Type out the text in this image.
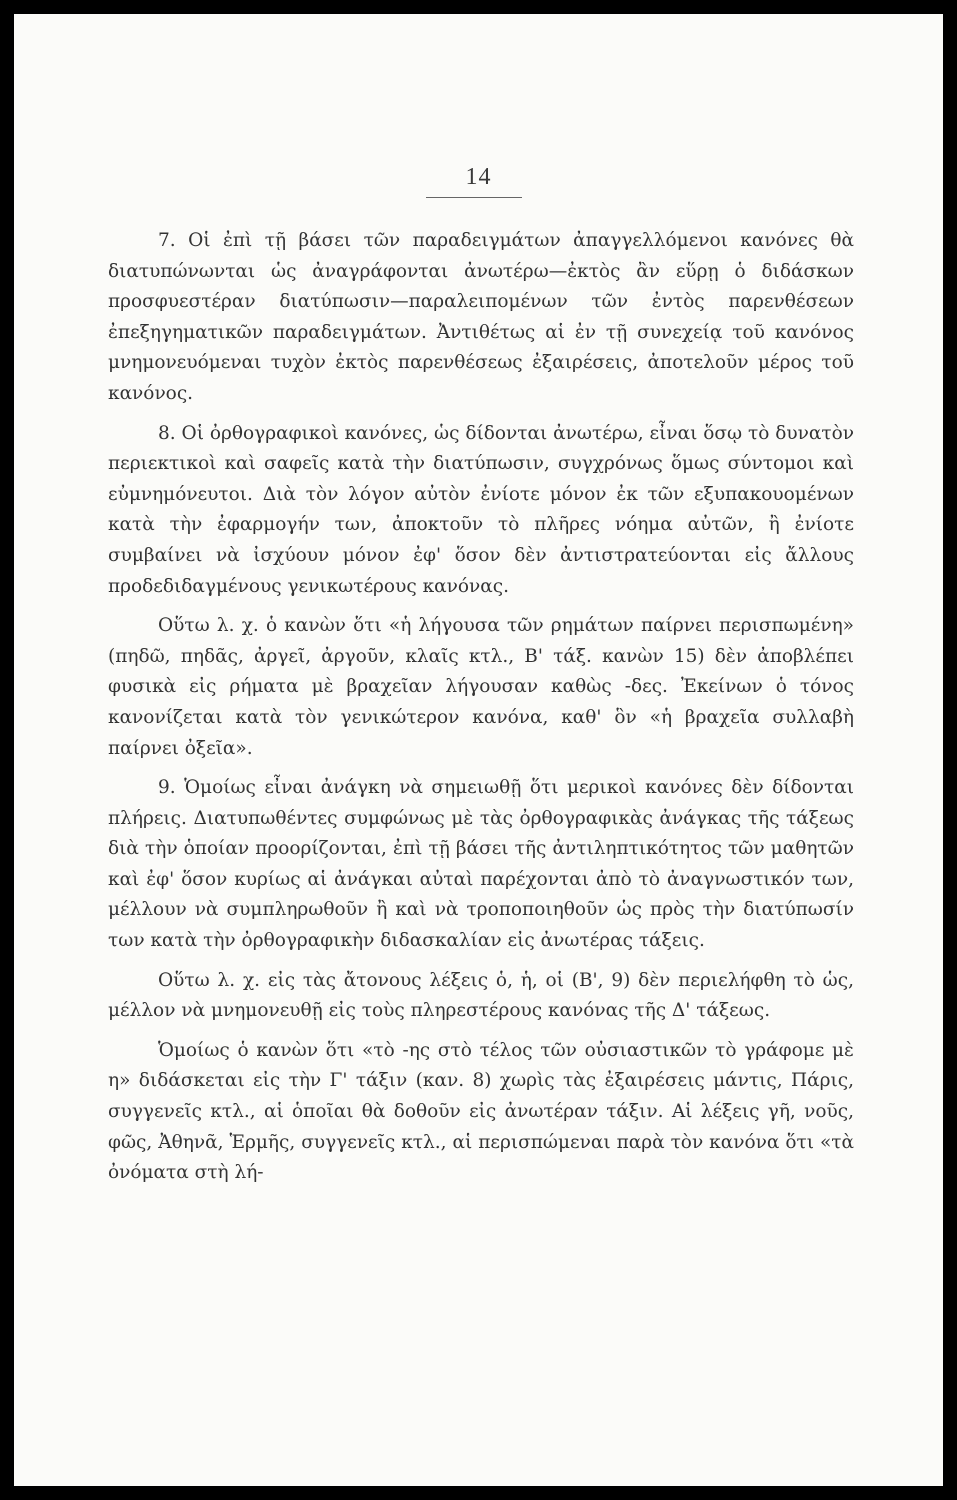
14

7. Οἱ ἐπὶ τῇ βάσει τῶν παραδειγμάτων ἀπαγγελλόμενοι κανόνες θὰ διατυπώνωνται ὡς ἀναγράφονται ἀνωτέρω—ἐκτὸς ἂν εὕρῃ ὁ διδάσκων προσφυεστέραν διατύπωσιν—παραλειπομένων τῶν ἐντὸς παρενθέσεων ἐπεξηγηματικῶν παραδειγμάτων. Ἀντιθέτως αἱ ἐν τῇ συνεχείᾳ τοῦ κανόνος μνημονευόμεναι τυχὸν ἐκτὸς παρενθέσεως ἐξαιρέσεις, ἀποτελοῦν μέρος τοῦ κανόνος.

8. Οἱ ὀρθογραφικοὶ κανόνες, ὡς δίδονται ἀνωτέρω, εἶναι ὅσῳ τὸ δυνατὸν περιεκτικοὶ καὶ σαφεῖς κατὰ τὴν διατύπωσιν, συγχρόνως ὅμως σύντομοι καὶ εὐμνημόνευτοι. Διὰ τὸν λόγον αὐτὸν ἐνίοτε μόνον ἐκ τῶν εξυπακουομένων κατὰ τὴν ἐφαρμογήν των, ἀποκτοῦν τὸ πλῆρες νόημα αὐτῶν, ἢ ἐνίοτε συμβαίνει νὰ ἰσχύουν μόνον ἐφ' ὅσον δὲν ἀντιστρατεύονται εἰς ἄλλους προδεδιδαγμένους γενικωτέρους κανόνας.

Οὕτω λ. χ. ὁ κανὼν ὅτι «ἡ λήγουσα τῶν ρημάτων παίρνει περισπωμένη» (πηδῶ, πηδᾶς, ἀργεῖ, ἀργοῦν, κλαῖς κτλ., Β' τάξ. κανὼν 15) δὲν ἀποβλέπει φυσικὰ εἰς ρήματα μὲ βραχεῖαν λήγουσαν καθὼς -δες. Ἐκείνων ὁ τόνος κανονίζεται κατὰ τὸν γενικώτερον κανόνα, καθ' ὃν «ἡ βραχεῖα συλλαβὴ παίρνει ὀξεῖα».

9. Ὁμοίως εἶναι ἀνάγκη νὰ σημειωθῇ ὅτι μερικοὶ κανόνες δὲν δίδονται πλήρεις. Διατυπωθέντες συμφώνως μὲ τὰς ὀρθογραφικὰς ἀνάγκας τῆς τάξεως διὰ τὴν ὁποίαν προορίζονται, ἐπὶ τῇ βάσει τῆς ἀντιληπτικότητος τῶν μαθητῶν καὶ ἐφ' ὅσον κυρίως αἱ ἀνάγκαι αὐταὶ παρέχονται ἀπὸ τὸ ἀναγνωστικόν των, μέλλουν νὰ συμπληρωθοῦν ἢ καὶ νὰ τροποποιηθοῦν ὡς πρὸς τὴν διατύπωσίν των κατὰ τὴν ὀρθογραφικὴν διδασκαλίαν εἰς ἀνωτέρας τάξεις.

Οὕτω λ. χ. εἰς τὰς ἄτονους λέξεις ὁ, ἡ, οἱ (Β', 9) δὲν περιελήφθη τὸ ὡς, μέλλον νὰ μνημονευθῇ εἰς τοὺς πληρεστέρους κανόνας τῆς Δ' τάξεως.

Ὁμοίως ὁ κανὼν ὅτι «τὸ -ης στὸ τέλος τῶν οὐσιαστικῶν τὸ γράφομε μὲ η» διδάσκεται εἰς τὴν Γ' τάξιν (καν. 8) χωρὶς τὰς ἐξαιρέσεις μάντις, Πάρις, συγγενεῖς κτλ., αἱ ὁποῖαι θὰ δοθοῦν εἰς ἀνωτέραν τάξιν. Αἱ λέξεις γῆ, νοῦς, φῶς, Ἀθηνᾶ, Ἑρμῆς, συγγενεῖς κτλ., αἱ περισπώμεναι παρὰ τὸν κανόνα ὅτι «τὰ ὀνόματα στὴ λή-
